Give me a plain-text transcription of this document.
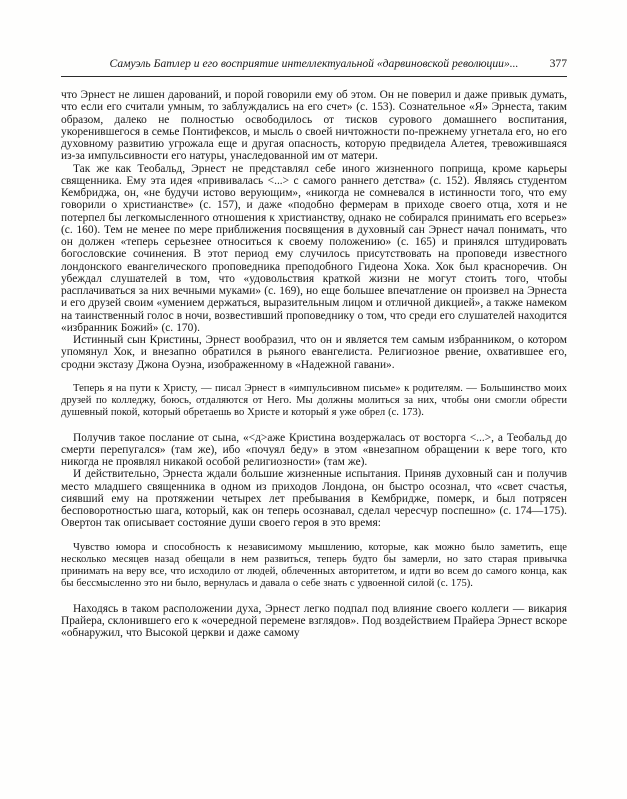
Самуэль Батлер и его восприятие интеллектуальной «дарвиновской революции»...	377

что Эрнест не лишен дарований, и порой говорили ему об этом. Он не поверил и даже привык думать, что если его считали умным, то заблуждались на его счет» (с. 153). Сознательное «Я» Эрнеста, таким образом, далеко не полностью освободилось от тисков сурового домашнего воспитания, укоренившегося в семье Понтифексов, и мысль о своей ничтожности по-прежнему угнетала его, но его духовному развитию угрожала еще и другая опасность, которую предвидела Алетея, тревожившаяся из-за импульсивности его натуры, унаследованной им от матери.

Так же как Теобальд, Эрнест не представлял себе иного жизненного поприща, кроме карьеры священника. Ему эта идея «прививалась <...> с самого раннего детства» (с. 152). Являясь студентом Кембриджа, он, «не будучи истово верующим», «никогда не сомневался в истинности того, что ему говорили о христианстве» (с. 157), и даже «подобно фермерам в приходе своего отца, хотя и не потерпел бы легкомысленного отношения к христианству, однако не собирался принимать его всерьез» (с. 160). Тем не менее по мере приближения посвящения в духовный сан Эрнест начал понимать, что он должен «теперь серьезнее относиться к своему положению» (с. 165) и принялся штудировать богословские сочинения. В этот период ему случилось присутствовать на проповеди известного лондонского евангелического проповедника преподобного Гидеона Хока. Хок был красноречив. Он убеждал слушателей в том, что «удовольствия краткой жизни не могут стоить того, чтобы расплачиваться за них вечными муками» (с. 169), но еще большее впечатление он произвел на Эрнеста и его друзей своим «умением держаться, выразительным лицом и отличной дикцией», а также намеком на таинственный голос в ночи, возвестивший проповеднику о том, что среди его слушателей находится «избранник Божий» (с. 170).

Истинный сын Кристины, Эрнест вообразил, что он и является тем самым избранником, о котором упомянул Хок, и внезапно обратился в рьяного евангелиста. Религиозное рвение, охватившее его, сродни экстазу Джона Оуэна, изображенному в «Надежной гавани».

Теперь я на пути к Христу, — писал Эрнест в «импульсивном письме» к родителям. — Большинство моих друзей по колледжу, боюсь, отдаляются от Него. Мы должны молиться за них, чтобы они смогли обрести душевный покой, который обретаешь во Христе и который я уже обрел (с. 173).

Получив такое послание от сына, «<д>аже Кристина воздержалась от восторга <...>, а Теобальд до смерти перепугался» (там же), ибо «почуял беду» в этом «внезапном обращении к вере того, кто никогда не проявлял никакой особой религиозности» (там же).

И действительно, Эрнеста ждали большие жизненные испытания. Приняв духовный сан и получив место младшего священника в одном из приходов Лондона, он быстро осознал, что «свет счастья, сиявший ему на протяжении четырех лет пребывания в Кембридже, померк, и был потрясен бесповоротностью шага, который, как он теперь осознавал, сделал чересчур поспешно» (с. 174—175). Овертон так описывает состояние души своего героя в это время:

Чувство юмора и способность к независимому мышлению, которые, как можно было заметить, еще несколько месяцев назад обещали в нем развиться, теперь будто бы замерли, но зато старая привычка принимать на веру все, что исходило от людей, облеченных авторитетом, и идти во всем до самого конца, как бы бессмысленно это ни было, вернулась и давала о себе знать с удвоенной силой (с. 175).

Находясь в таком расположении духа, Эрнест легко подпал под влияние своего коллеги — викария Прайера, склонившего его к «очередной перемене взглядов». Под воздействием Прайера Эрнест вскоре «обнаружил, что Высокой церкви и даже самому
